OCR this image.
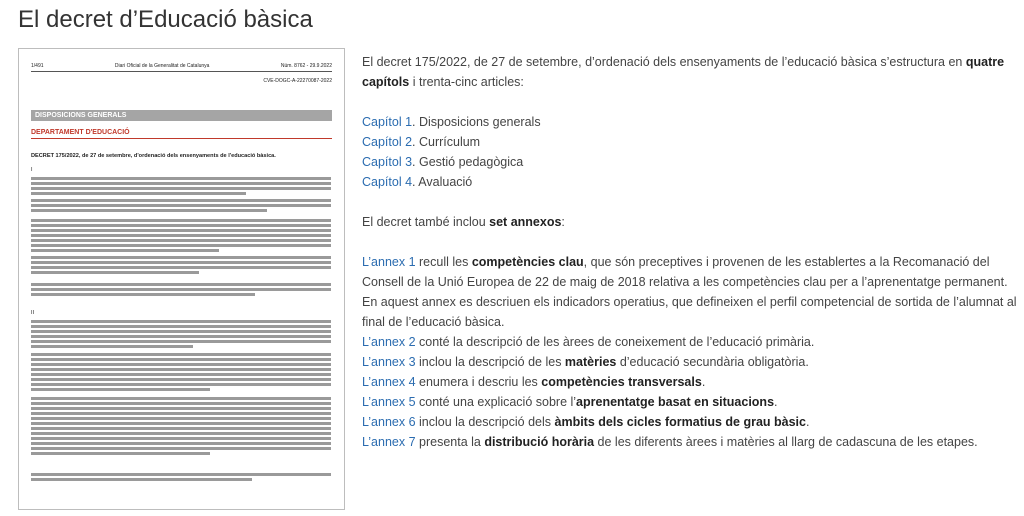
El decret d’Educació bàsica
1/491	Diari Oficial de la Generalitat de Catalunya	Núm. 8762 - 29.9.2022
CVE-DOGC-A-22270087-2022
DISPOSICIONS GENERALS
DEPARTAMENT D'EDUCACIÓ
DECRET 175/2022, de 27 de setembre, d'ordenació dels ensenyaments de l'educació bàsica.
I
II

El decret 175/2022, de 27 de setembre, d’ordenació dels ensenyaments de l’educació bàsica s’estructura en quatre capítols i trenta-cinc articles:

Capítol 1. Disposicions generals

Capítol 2. Currículum

Capítol 3. Gestió pedagògica

Capítol 4. Avaluació

El decret també inclou set annexos:

L’annex 1 recull les competències clau, que són preceptives i provenen de les establertes a la Recomanació del

Consell de la Unió Europea de 22 de maig de 2018 relativa a les competències clau per a l’aprenentatge permanent.

En aquest annex es descriuen els indicadors operatius, que defineixen el perfil competencial de sortida de l’alumnat al

final de l’educació bàsica.

L’annex 2 conté la descripció de les àrees de coneixement de l’educació primària.

L’annex 3 inclou la descripció de les matèries d’educació secundària obligatòria.

L’annex 4 enumera i descriu les competències transversals.

L’annex 5 conté una explicació sobre l’aprenentatge basat en situacions.

L’annex 6 inclou la descripció dels àmbits dels cicles formatius de grau bàsic.

L’annex 7 presenta la distribució horària de les diferents àrees i matèries al llarg de cadascuna de les etapes.
